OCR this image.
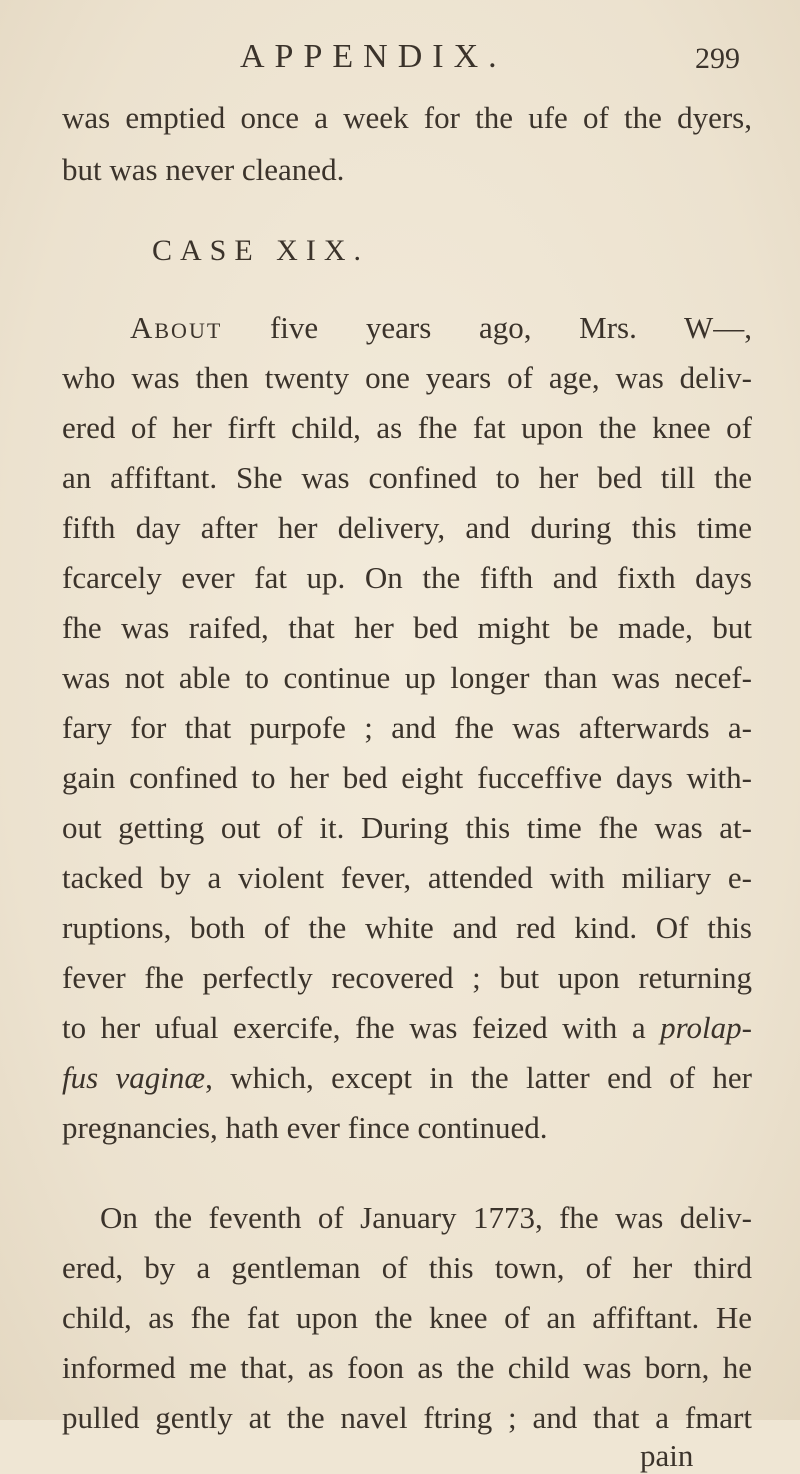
APPENDIX.	299
was emptied once a week for the ufe of the dyers,
but was never cleaned.
CASE XIX.
About five years ago, Mrs. W—,
who was then twenty one years of age, was deliv-
ered of her firft child, as fhe fat upon the knee of
an affiftant. She was confined to her bed till the
fifth day after her delivery, and during this time
fcarcely ever fat up. On the fifth and fixth days
fhe was raifed, that her bed might be made, but
was not able to continue up longer than was necef-
fary for that purpofe ; and fhe was afterwards a-
gain confined to her bed eight fucceffive days with-
out getting out of it. During this time fhe was at-
tacked by a violent fever, attended with miliary e-
ruptions, both of the white and red kind. Of this
fever fhe perfectly recovered ; but upon returning
to her ufual exercife, fhe was feized with a prolap-
fus vaginæ, which, except in the latter end of her
pregnancies, hath ever fince continued.
On the feventh of January 1773, fhe was deliv-
ered, by a gentleman of this town, of her third
child, as fhe fat upon the knee of an affiftant. He
informed me that, as foon as the child was born, he
pulled gently at the navel ftring ; and that a fmart
pain
